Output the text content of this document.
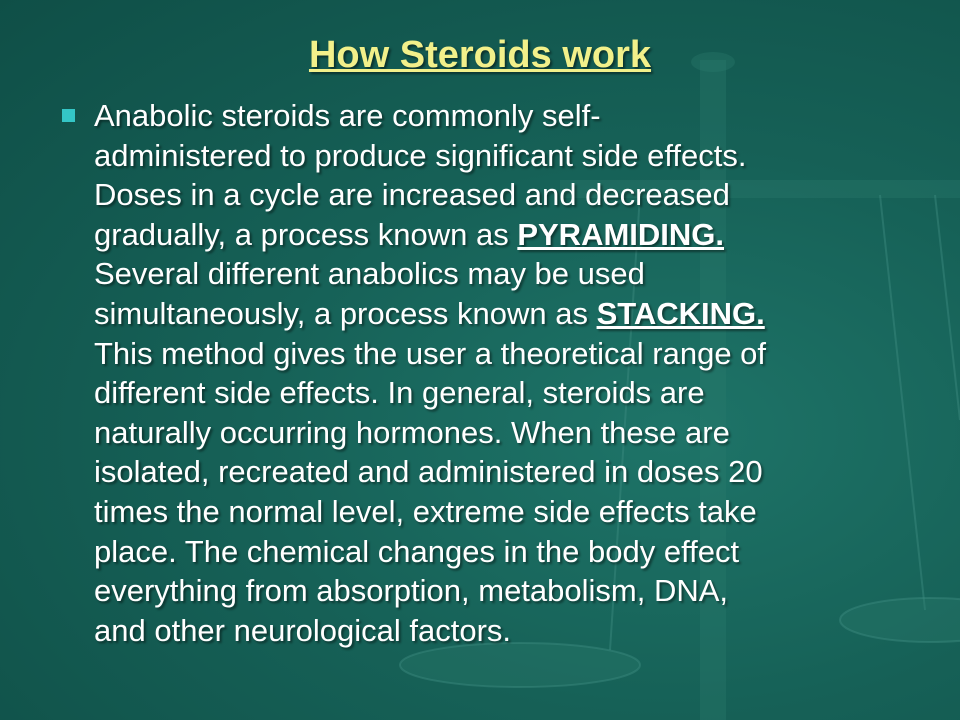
How Steroids work
Anabolic steroids are commonly self-
administered to produce significant side effects.
Doses in a cycle are increased and decreased
gradually, a process known as PYRAMIDING.
Several different anabolics may be used
simultaneously, a process known as STACKING.
This method gives the user a theoretical range of
different side effects. In general, steroids are
naturally occurring hormones. When these are
isolated, recreated and administered in doses 20
times the normal level, extreme side effects take
place. The chemical changes in the body effect
everything from absorption, metabolism, DNA,
and other neurological factors.
